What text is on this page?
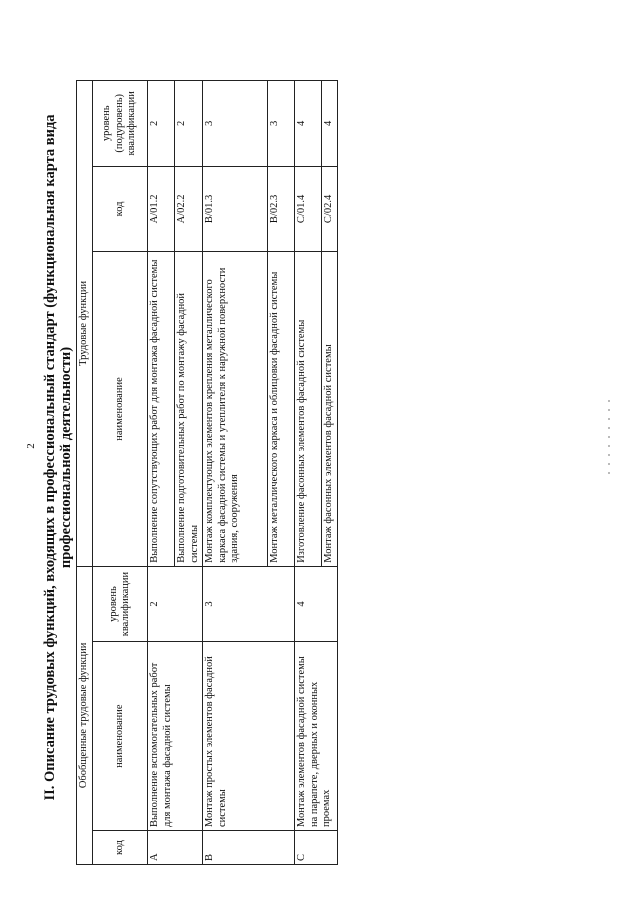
2 II. Описание трудовых функций, входящих в профессиональный стандарт (функциональная карта вида профессиональной деятельности)
Обобщенные трудовые функции			Трудовые функции		
код	наименование	уровень квалификации	наименование	код	уровень (подуровень) квалификации
A	Выполнение вспомогательных работ для монтажа фасадной системы	2	Выполнение сопутствующих работ для монтажа фасадной системы	A/01.2	2
			Выполнение подготовительных работ по монтажу фасадной системы	A/02.2	2
B	Монтаж простых элементов фасадной системы	3	Монтаж комплектующих элементов крепления металлического каркаса фасадной системы и утеплителя к наружной поверхности здания, сооружения	B/01.3	3
			Монтаж металлического каркаса и облицовки фасадной системы	B/02.3	3
C	Монтаж элементов фасадной системы на парапете, дверных и оконных проемах	4	Изготовление фасонных элементов фасадной системы	C/01.4	4
			Монтаж фасонных элементов фасадной системы	C/02.4	4
